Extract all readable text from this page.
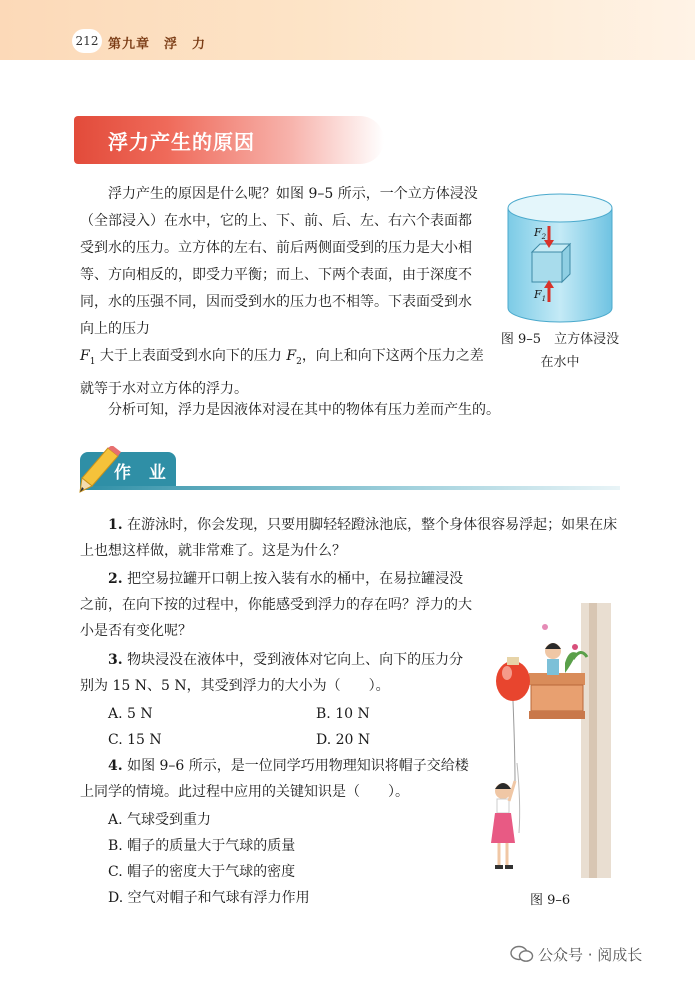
212 第九章　浮　力
浮力产生的原因
浮力产生的原因是什么呢？如图 9–5 所示，一个立方体浸没（全部浸入）在水中，它的上、下、前、后、左、右六个表面都受到水的压力。立方体的左右、前后两侧面受到的压力是大小相等、方向相反的，即受力平衡；而上、下两个表面，由于深度不同，水的压强不同，因而受到水的压力也不相等。下表面受到水向上的压力
$F_1$ 大于上表面受到水向下的压力 $F_2$，向上和向下这两个压力之差就等于水对立方体的浮力。
$F_2$
$F_1$
图 9–5　立方体浸没
在水中
分析可知，浮力是因液体对浸在其中的物体有压力差而产生的。
作 业
1. 在游泳时，你会发现，只要用脚轻轻蹬泳池底，整个身体很容易浮起；如果在床上也想这样做，就非常难了。这是为什么？
2. 把空易拉罐开口朝上按入装有水的桶中，在易拉罐浸没之前，在向下按的过程中，你能感受到浮力的存在吗？浮力的大小是否有变化呢？
3. 物块浸没在液体中，受到液体对它向上、向下的压力分别为 15 N、5 N，其受到浮力的大小为（　　）。
A. 5 N	B. 10 N
C. 15 N	D. 20 N
4. 如图 9–6 所示，是一位同学巧用物理知识将帽子交给楼上同学的情境。此过程中应用的关键知识是（　　）。
A. 气球受到重力
B. 帽子的质量大于气球的质量
C. 帽子的密度大于气球的密度
D. 空气对帽子和气球有浮力作用	图 9–6
公众号 · 阅成长
